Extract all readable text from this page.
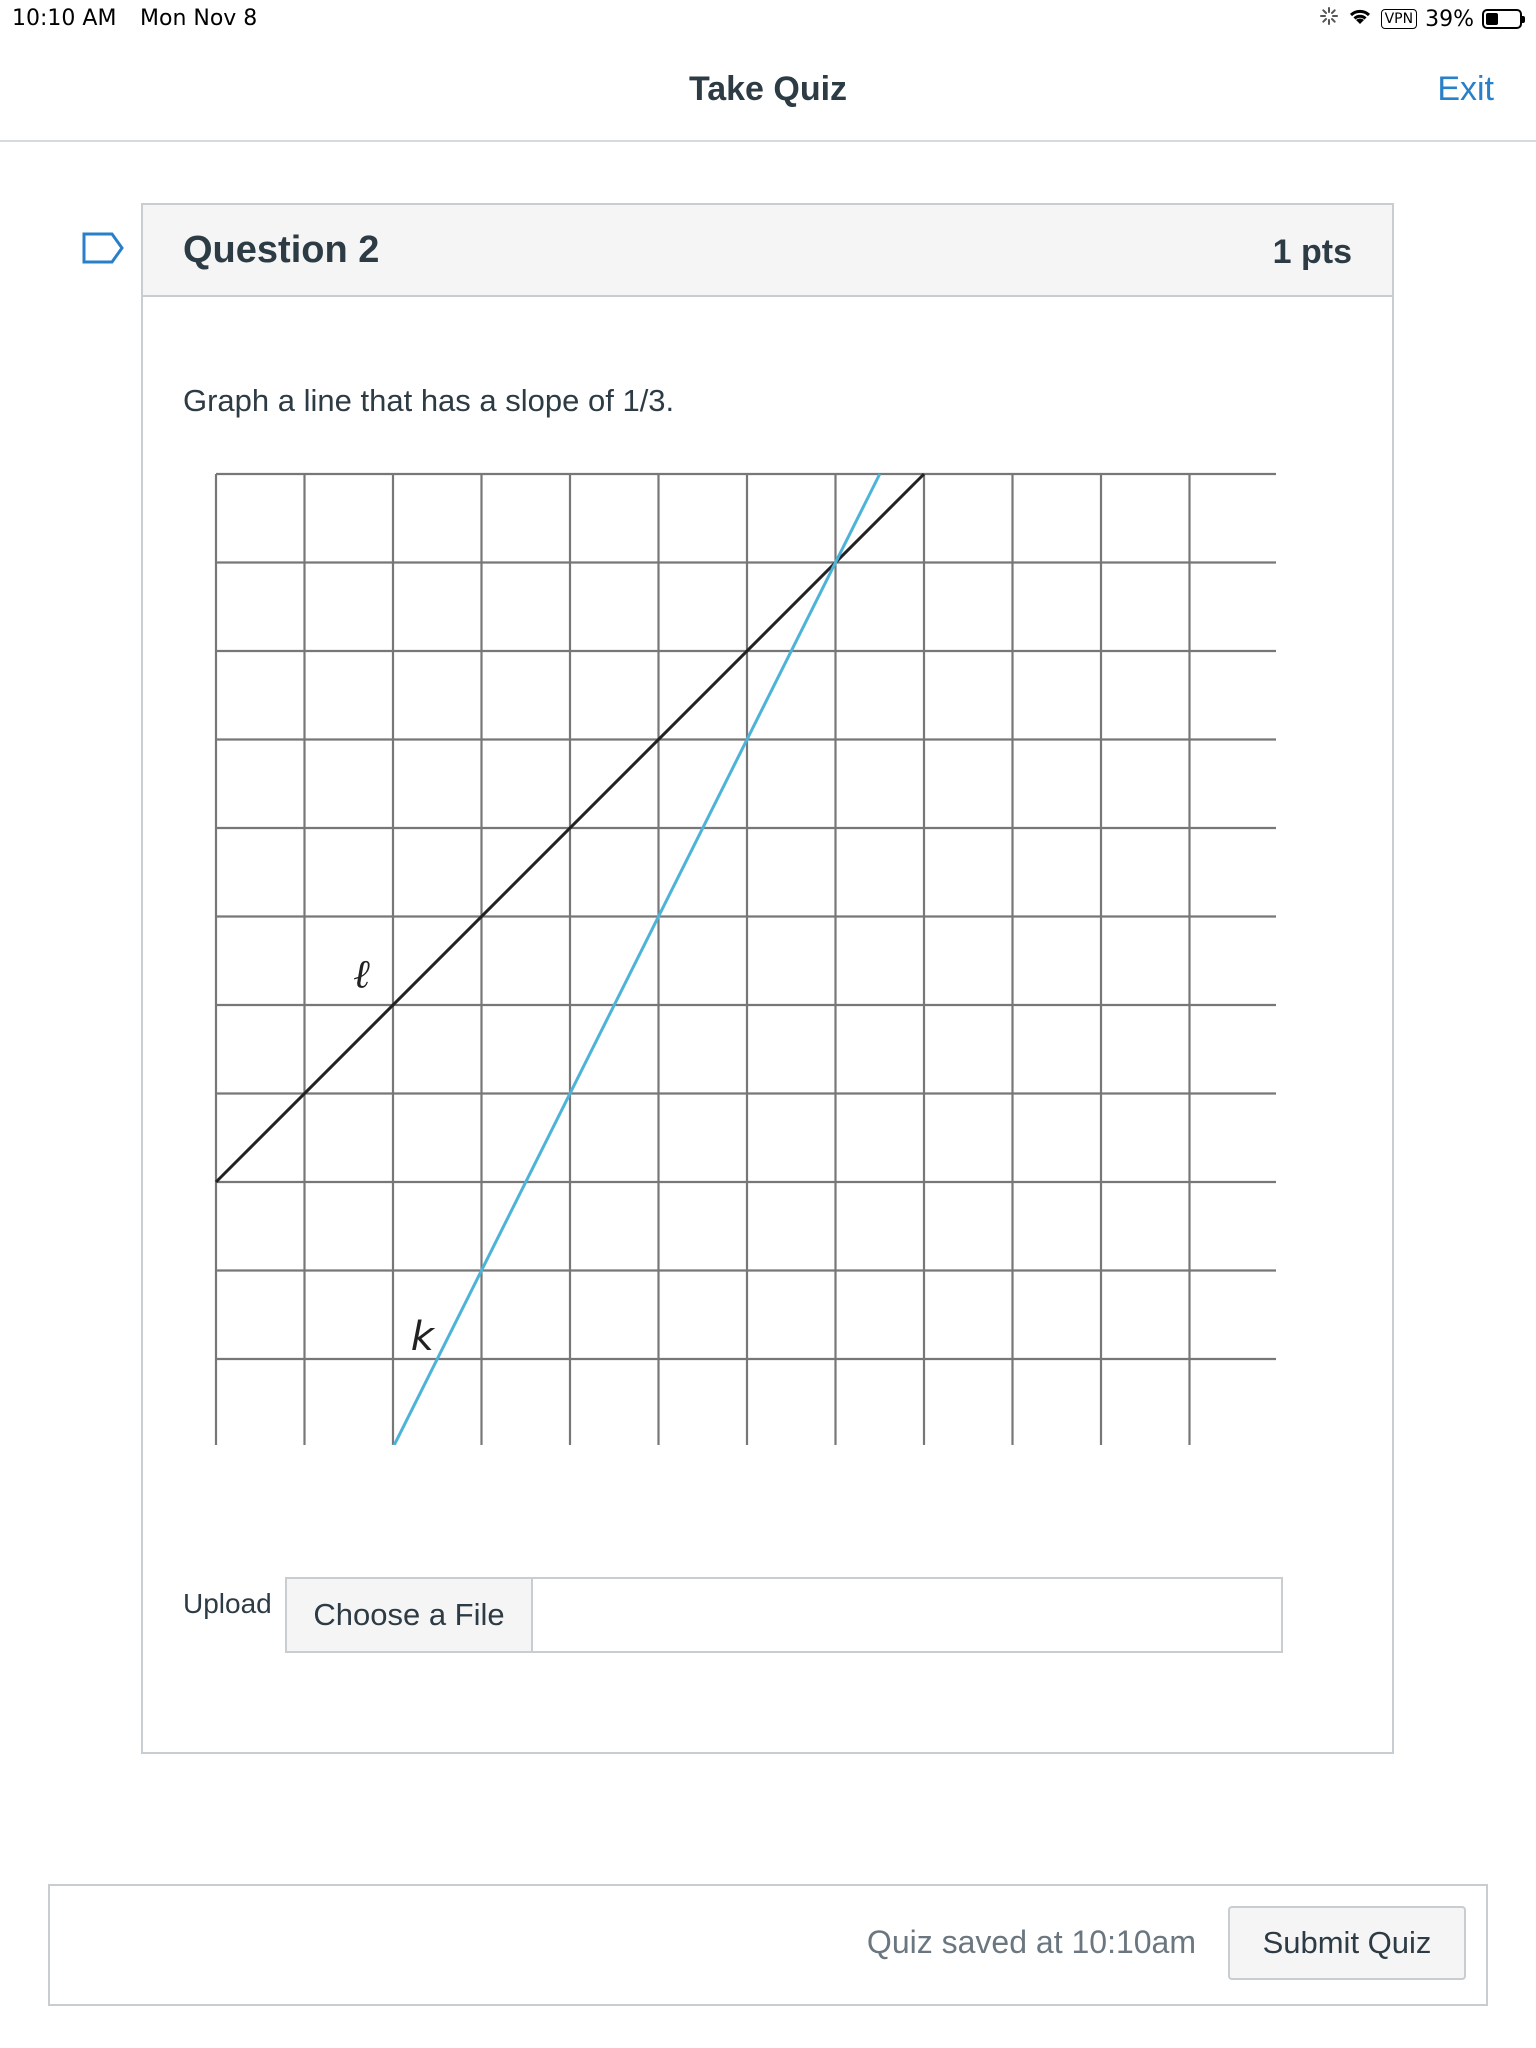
10:10 AM Mon Nov 8	VPN 39%
Take Quiz	Exit
Question 2	1 pts
Graph a line that has a slope of 1/3.
ℓ
k
Upload	Choose a File
Quiz saved at 10:10am	Submit Quiz
